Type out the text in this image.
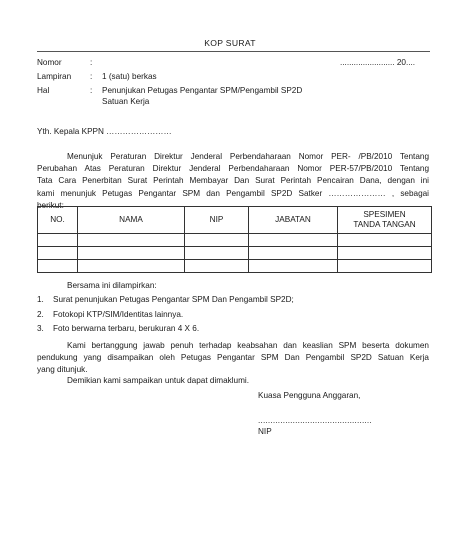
KOP SURAT
Nomor	:	........................ 20....
Lampiran : 1 (satu) berkas
Hal	: Penunjukan Petugas Pengantar SPM/Pengambil SP2D
Satuan Kerja
Yth. Kepala KPPN ……………………
Menunjuk Peraturan Direktur Jenderal Perbendaharaan Nomor PER- /PB/2010 Tentang
Perubahan Atas Peraturan Direktur Jenderal Perbendaharaan Nomor PER-57/PB/2010 Tentang
Tata Cara Penerbitan Surat Perintah Membayar Dan Surat Perintah Pencairan Dana, dengan ini
kami menunjuk Petugas Pengantar SPM dan Pengambil SP2D Satker ………………… , sebagai
berikut:
NO.	NAMA	NIP	JABATAN	SPESIMEN
TANDA TANGAN

Bersama ini dilampirkan:
1. Surat penunjukan Petugas Pengantar SPM Dan Pengambil SP2D;
2. Fotokopi KTP/SIM/Identitas lainnya.
3. Foto berwarna terbaru, berukuran 4 X 6.
Kami bertanggung jawab penuh terhadap keabsahan dan keaslian SPM beserta dokumen
pendukung yang disampaikan oleh Petugas Pengantar SPM Dan Pengambil SP2D Satuan Kerja
yang ditunjuk.
Demikian kami sampaikan untuk dapat dimaklumi.
Kuasa Pengguna Anggaran,
..............................................
NIP
